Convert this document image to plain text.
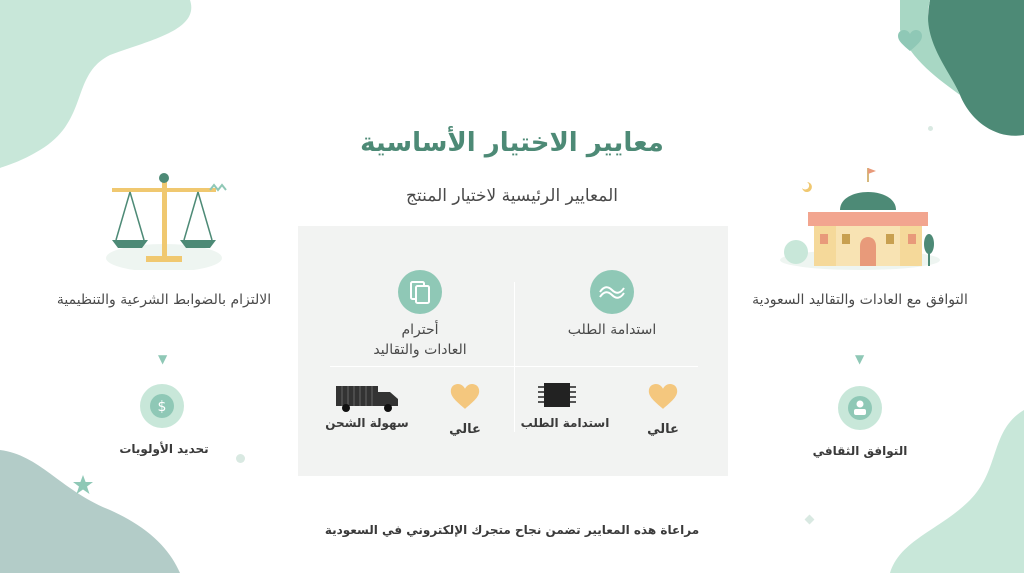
معايير الاختيار الأساسية
المعايير الرئيسية لاختيار المنتج
استدامة الطلب
أحترام
العادات والتقاليد
استدامة الطلب	عالي
سهولة الشحن	عالي
الالتزام بالضوابط الشرعية والتنظيمية
▼
$
تحديد الأولويات
التوافق مع العادات والتقاليد السعودية
▼
التوافق الثقافي
مراعاة هذه المعايير تضمن نجاح متجرك الإلكتروني في السعودية
